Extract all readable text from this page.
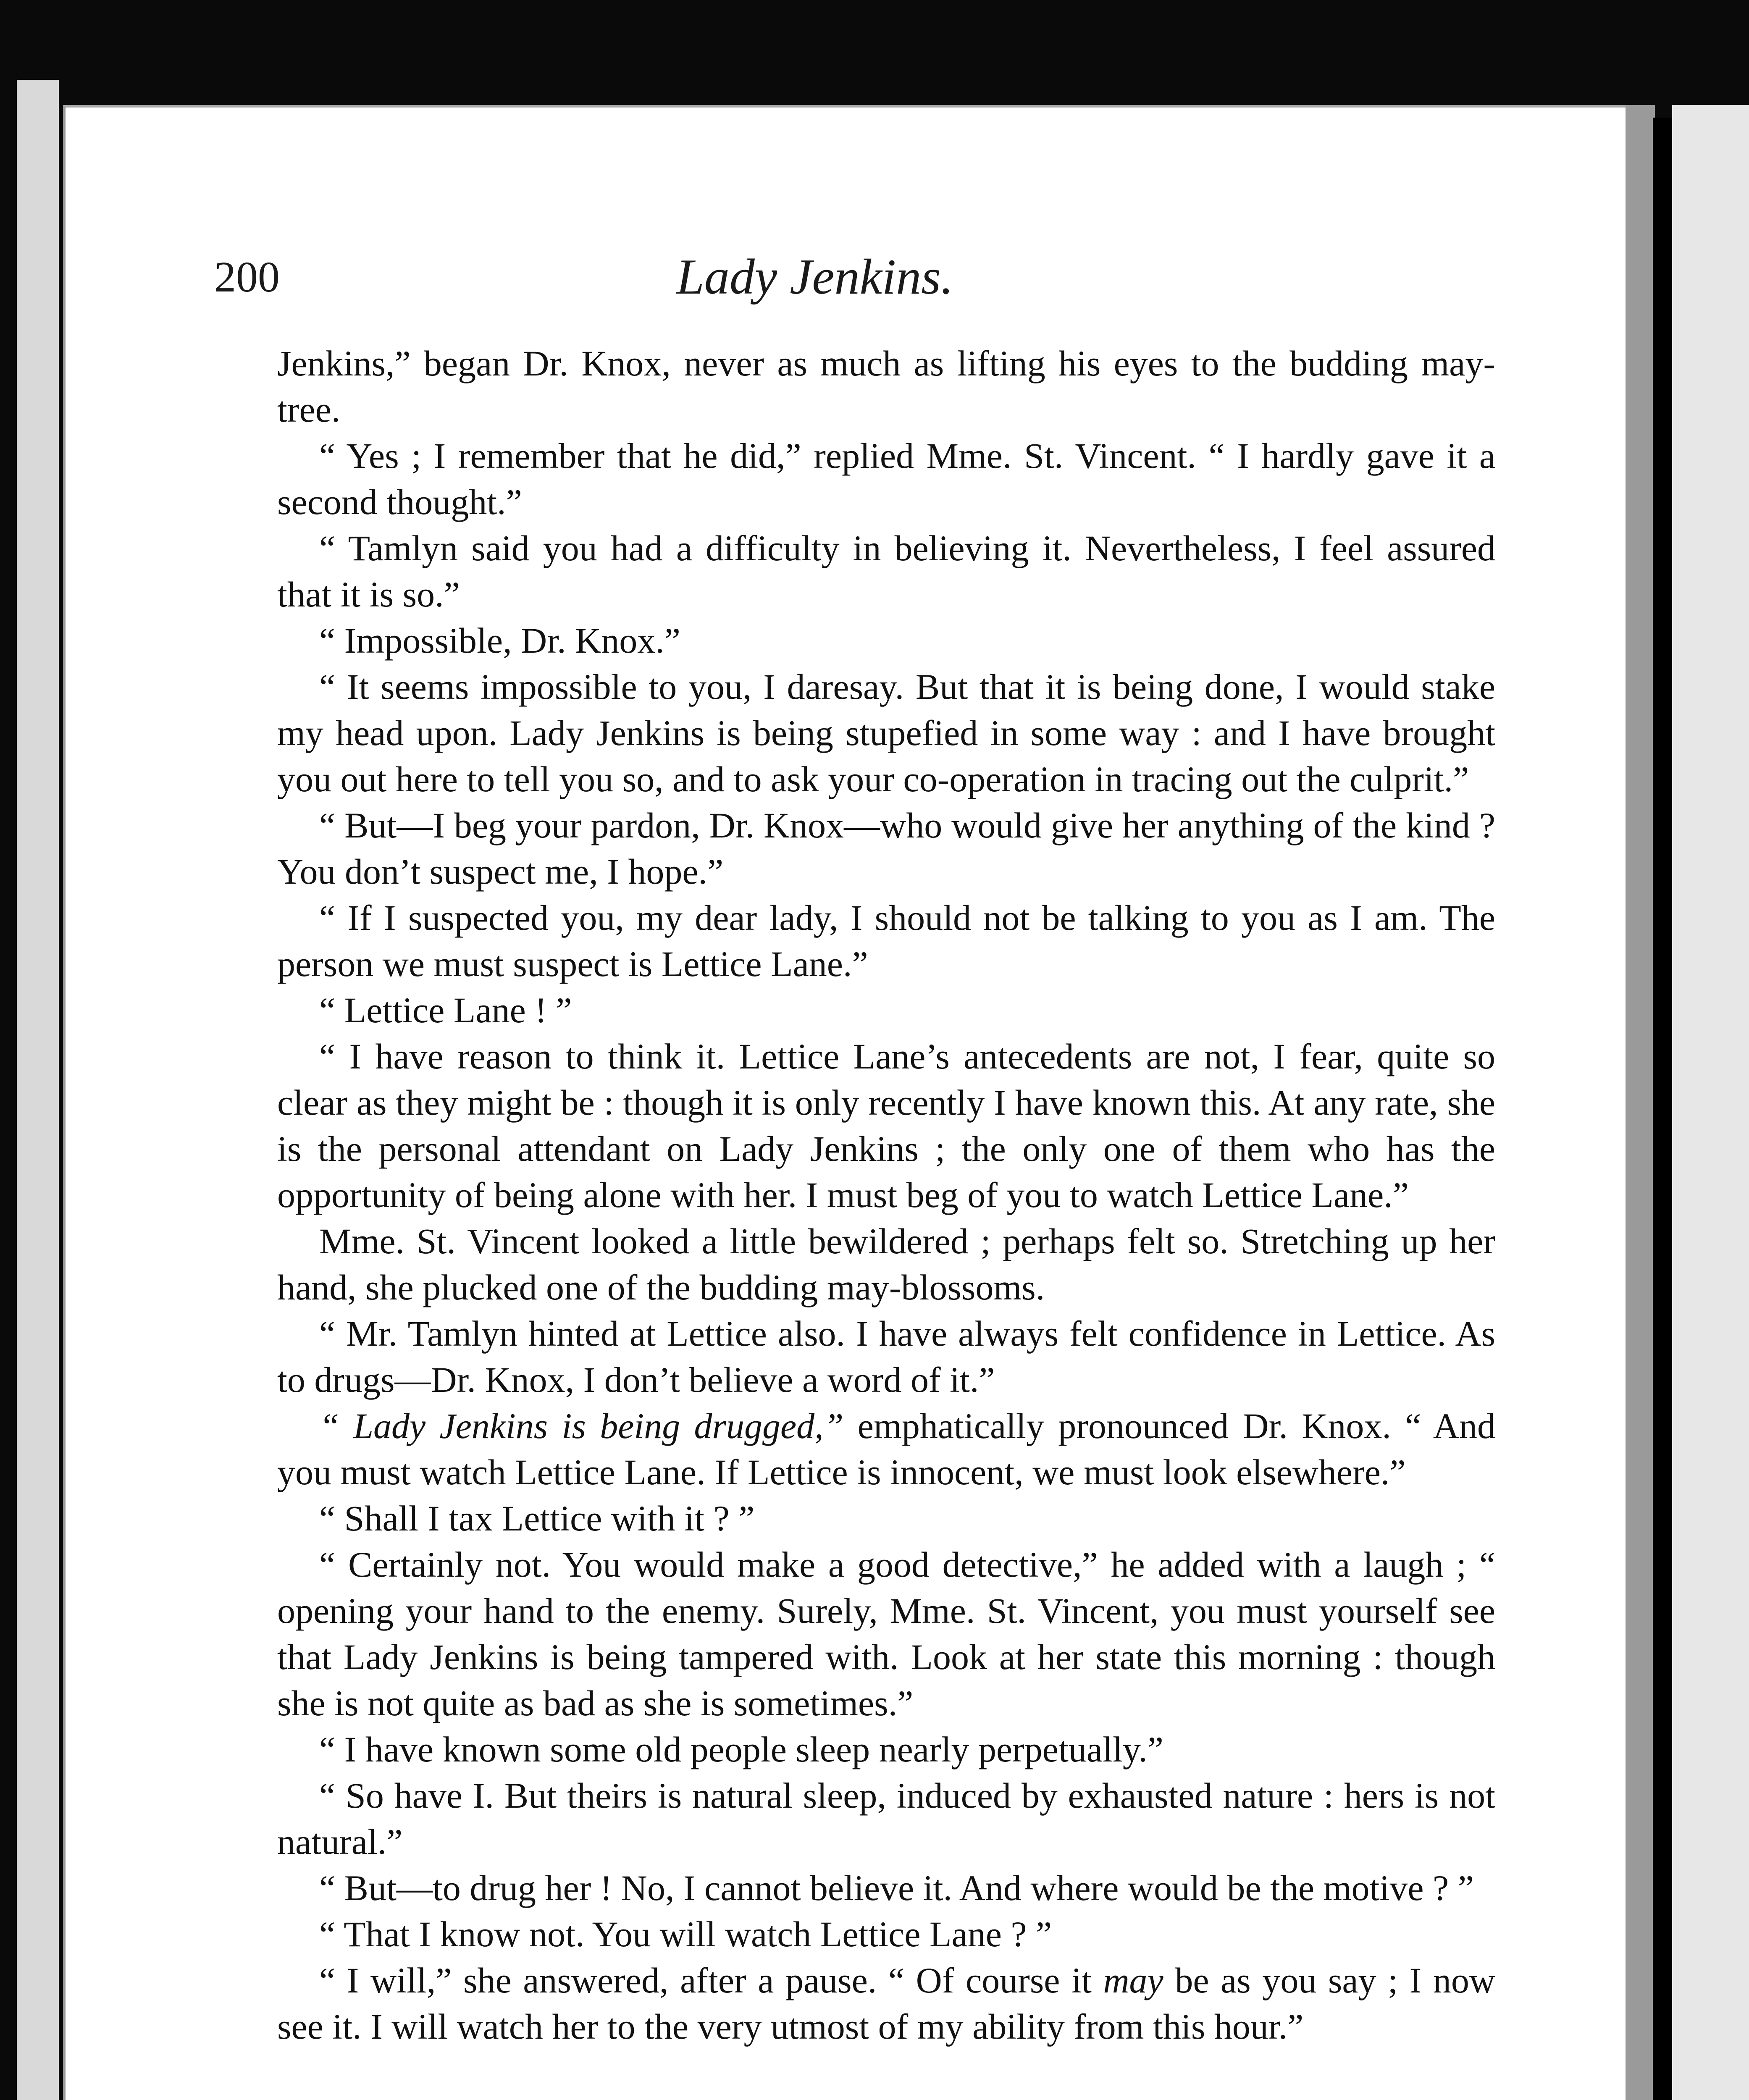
200	Lady Jenkins.

Jenkins,” began Dr. Knox, never as much as lifting his eyes to the budding may-tree.

“ Yes ; I remember that he did,” replied Mme. St. Vincent. “ I hardly gave it a second thought.”

“ Tamlyn said you had a difficulty in believing it. Nevertheless, I feel assured that it is so.”

“ Impossible, Dr. Knox.”

“ It seems impossible to you, I daresay. But that it is being done, I would stake my head upon. Lady Jenkins is being stupefied in some way : and I have brought you out here to tell you so, and to ask your co-operation in tracing out the culprit.”

“ But—I beg your pardon, Dr. Knox—who would give her anything of the kind ? You don’t suspect me, I hope.”

“ If I suspected you, my dear lady, I should not be talking to you as I am. The person we must suspect is Lettice Lane.”

“ Lettice Lane ! ”

“ I have reason to think it. Lettice Lane’s antecedents are not, I fear, quite so clear as they might be : though it is only recently I have known this. At any rate, she is the personal attendant on Lady Jenkins ; the only one of them who has the opportunity of being alone with her. I must beg of you to watch Lettice Lane.”

Mme. St. Vincent looked a little bewildered ; perhaps felt so. Stretching up her hand, she plucked one of the budding may-blossoms.

“ Mr. Tamlyn hinted at Lettice also. I have always felt confidence in Lettice. As to drugs—Dr. Knox, I don’t believe a word of it.”

“ Lady Jenkins is being drugged,” emphatically pronounced Dr. Knox. “ And you must watch Lettice Lane. If Lettice is innocent, we must look elsewhere.”

“ Shall I tax Lettice with it ? ”

“ Certainly not. You would make a good detective,” he added with a laugh ; “ opening your hand to the enemy. Surely, Mme. St. Vincent, you must yourself see that Lady Jenkins is being tampered with. Look at her state this morning : though she is not quite as bad as she is sometimes.”

“ I have known some old people sleep nearly perpetually.”

“ So have I. But theirs is natural sleep, induced by exhausted nature : hers is not natural.”

“ But—to drug her ! No, I cannot believe it. And where would be the motive ? ”

“ That I know not. You will watch Lettice Lane ? ”

“ I will,” she answered, after a pause. “ Of course it may be as you say ; I now see it. I will watch her to the very utmost of my ability from this hour.”
